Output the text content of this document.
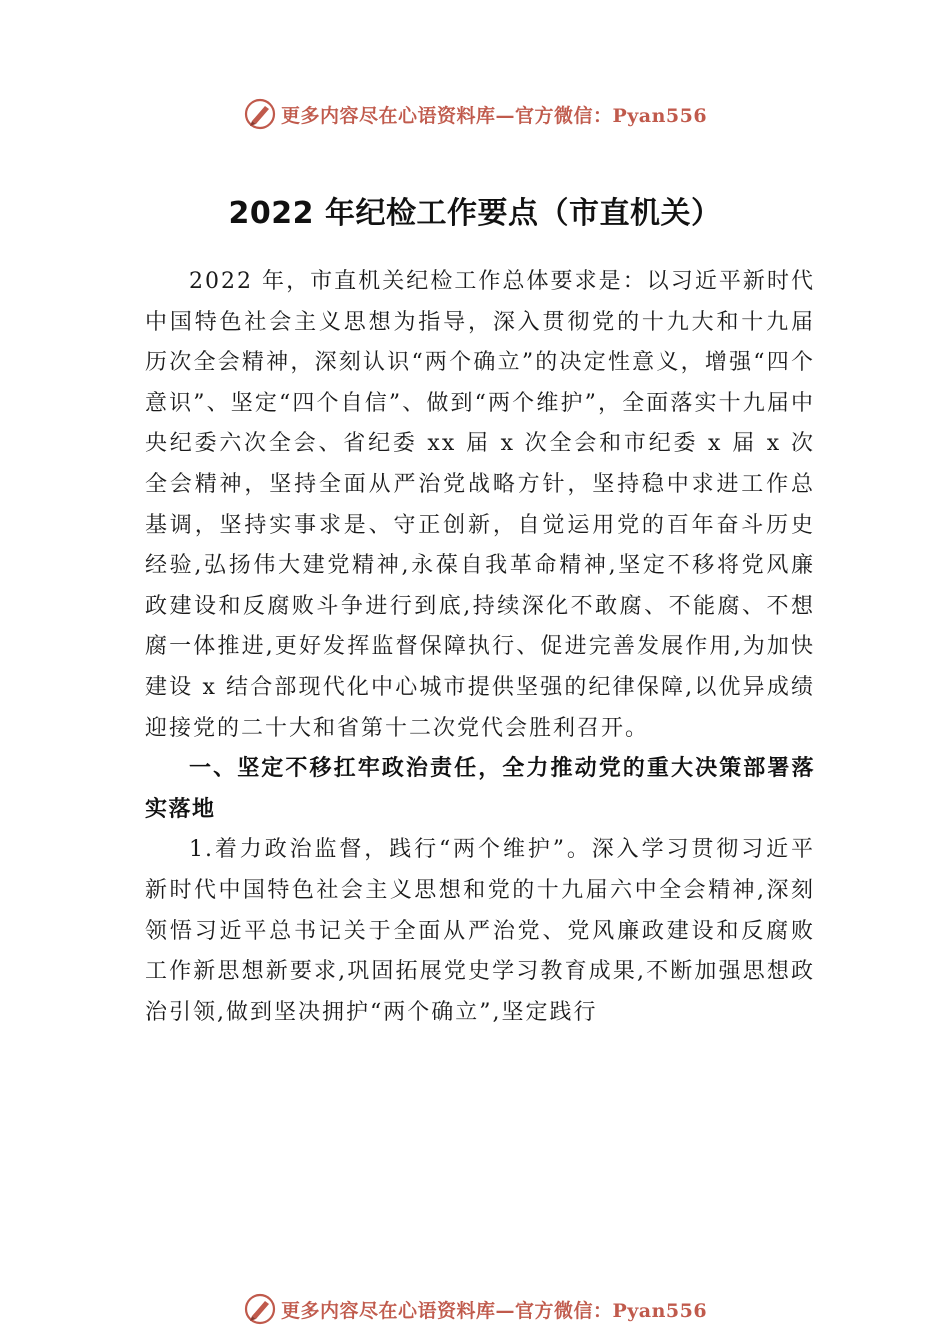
更多内容尽在心语资料库—官方微信：Pyan556
2022 年纪检工作要点（市直机关）

2022 年，市直机关纪检工作总体要求是：以习近平新时代中国特色社会主义思想为指导，深入贯彻党的十九大和十九届历次全会精神，深刻认识“两个确立”的决定性意义，增强“四个意识”、坚定“四个自信”、做到“两个维护”，全面落实十九届中央纪委六次全会、省纪委 xx 届 x 次全会和市纪委 x 届 x 次全会精神，坚持全面从严治党战略方针，坚持稳中求进工作总基调，坚持实事求是、守正创新，自觉运用党的百年奋斗历史经验,弘扬伟大建党精神,永葆自我革命精神,坚定不移将党风廉政建设和反腐败斗争进行到底,持续深化不敢腐、不能腐、不想腐一体推进,更好发挥监督保障执行、促进完善发展作用,为加快建设 x 结合部现代化中心城市提供坚强的纪律保障,以优异成绩迎接党的二十大和省第十二次党代会胜利召开。

一、坚定不移扛牢政治责任，全力推动党的重大决策部署落实落地

1.着力政治监督，践行“两个维护”。深入学习贯彻习近平新时代中国特色社会主义思想和党的十九届六中全会精神,深刻领悟习近平总书记关于全面从严治党、党风廉政建设和反腐败工作新思想新要求,巩固拓展党史学习教育成果,不断加强思想政治引领,做到坚决拥护“两个确立”,坚定践行

更多内容尽在心语资料库—官方微信：Pyan556
